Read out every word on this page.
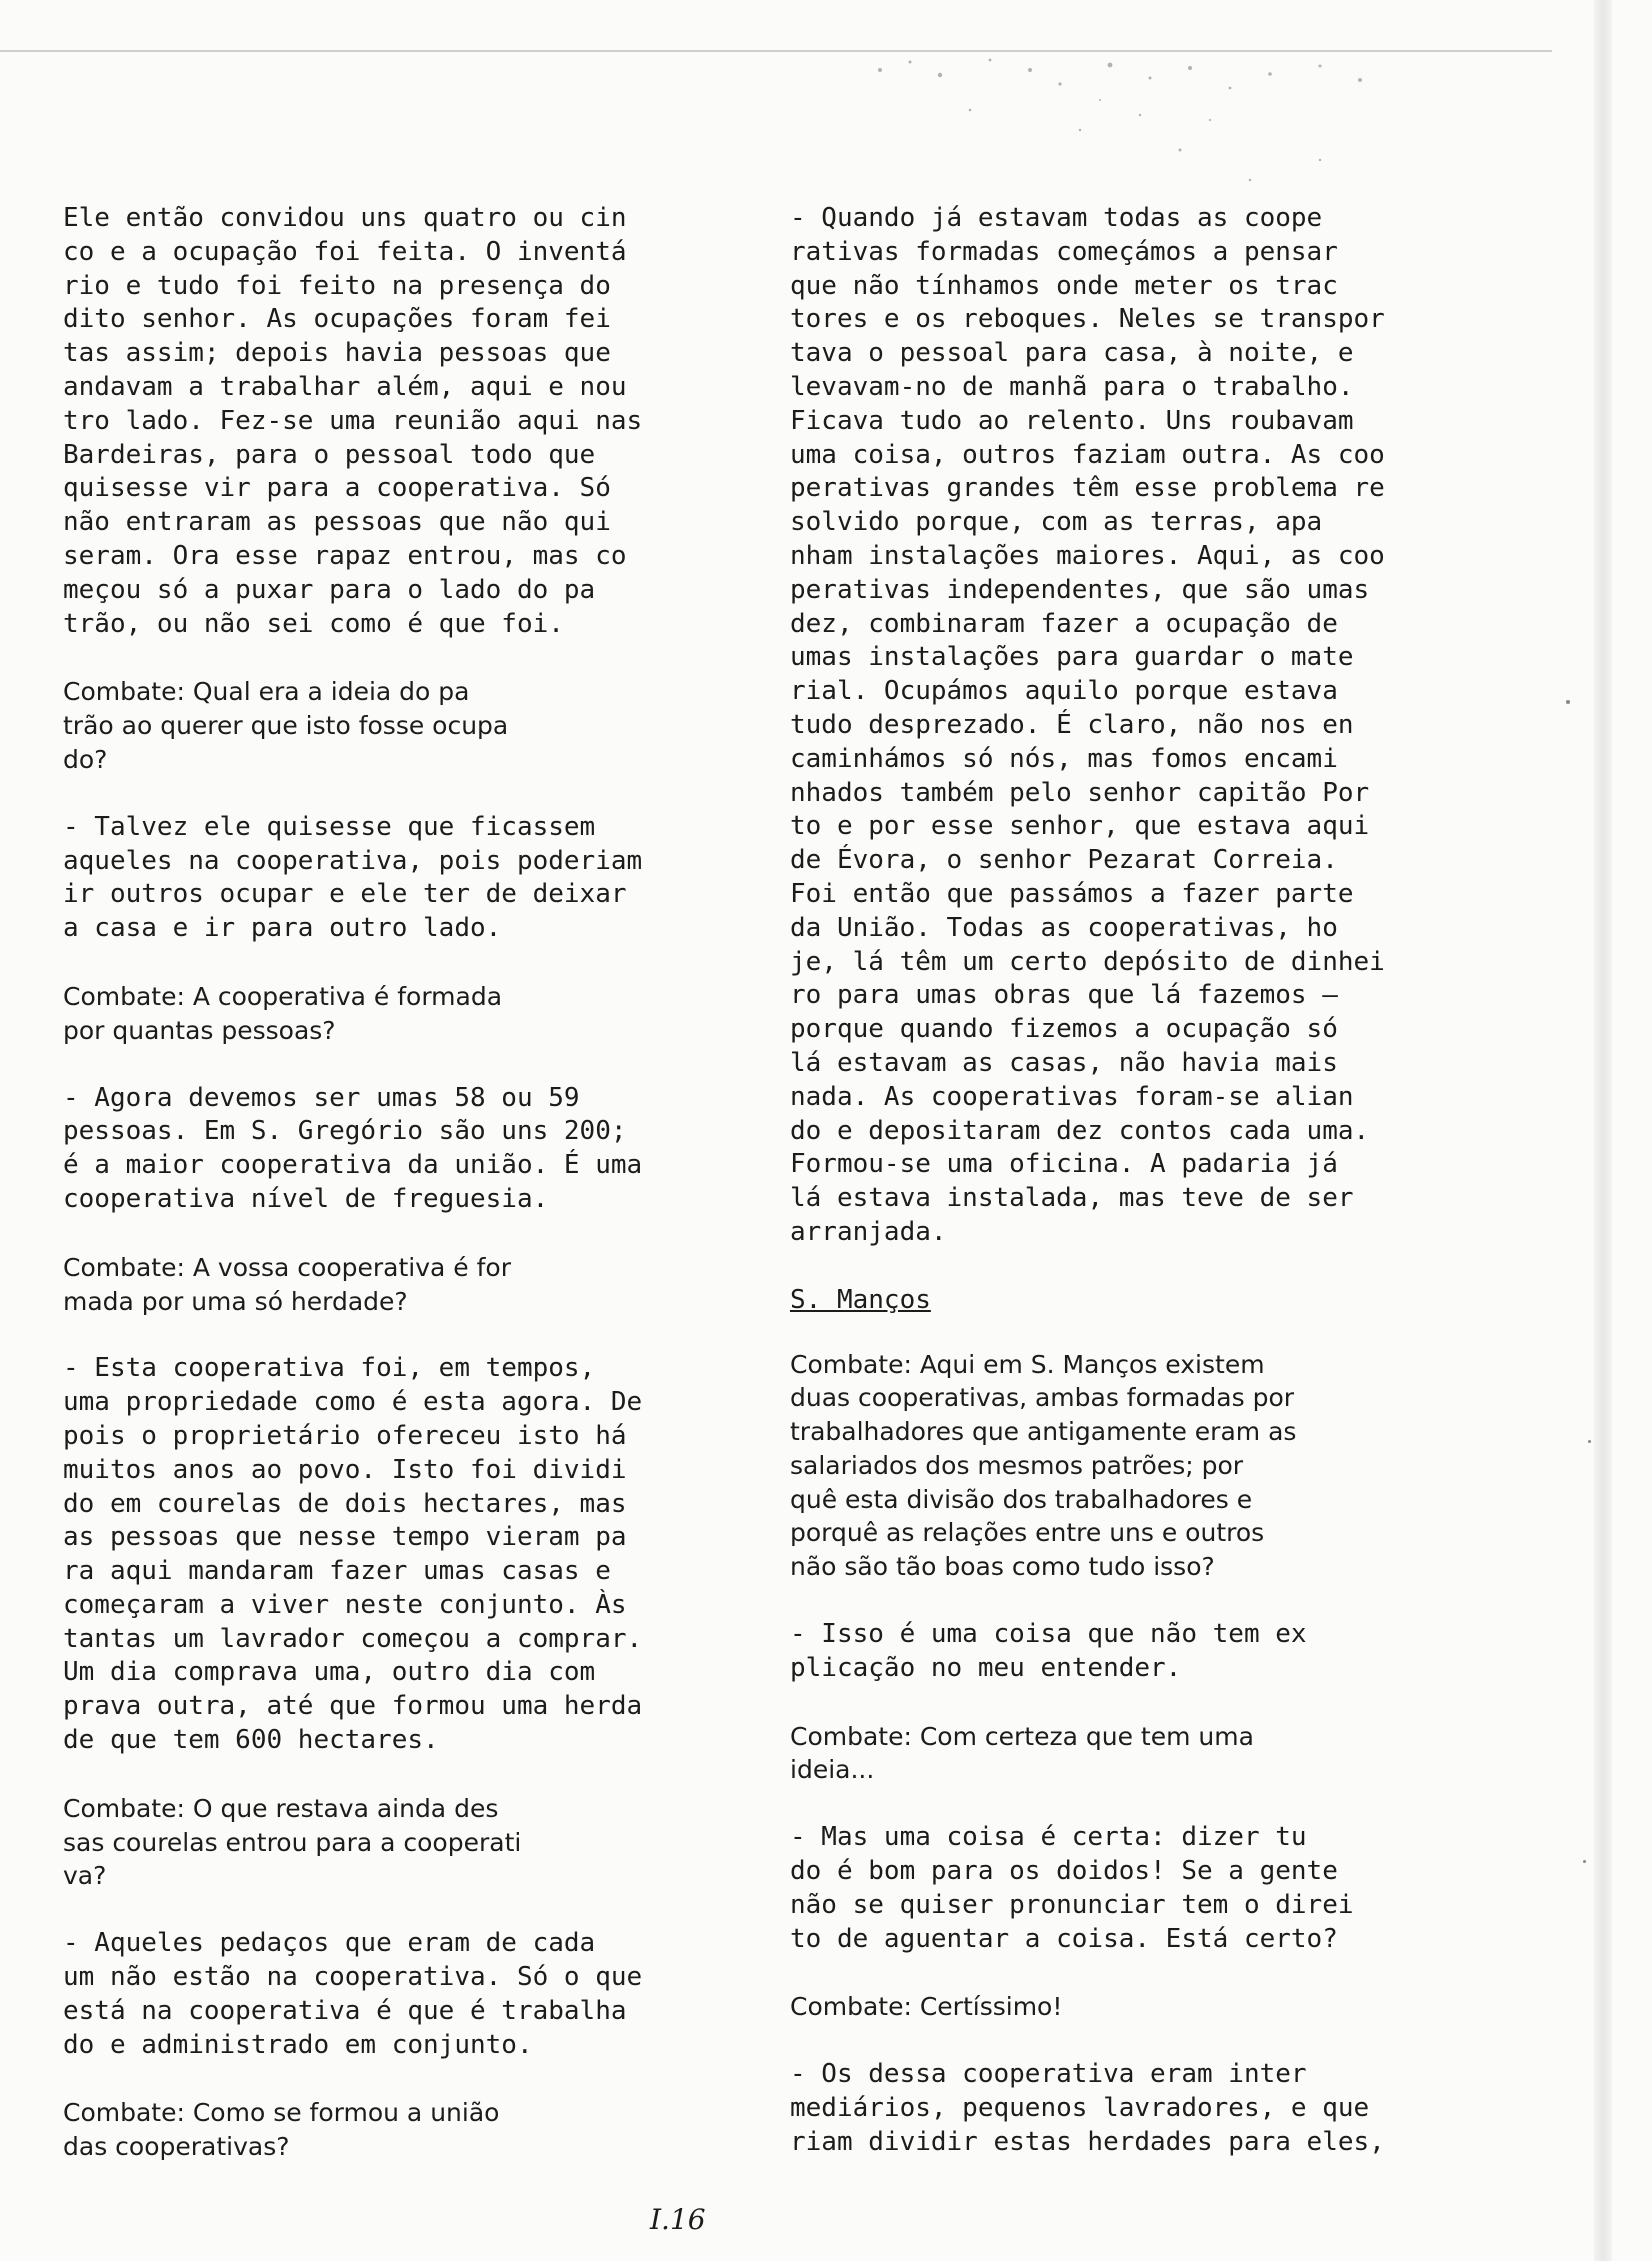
Ele então convidou uns quatro ou cin
co e a ocupação foi feita. O inventá
rio e tudo foi feito na presença do
dito senhor. As ocupações foram fei
tas assim; depois havia pessoas que
andavam a trabalhar além, aqui e nou
tro lado. Fez-se uma reunião aqui nas
Bardeiras, para o pessoal todo que
quisesse vir para a cooperativa. Só
não entraram as pessoas que não qui
seram. Ora esse rapaz entrou, mas co
meçou só a puxar para o lado do pa
trão, ou não sei como é que foi.
Combate: Qual era a ideia do pa
trão ao querer que isto fosse ocupa
do?
- Talvez ele quisesse que ficassem
aqueles na cooperativa, pois poderiam
ir outros ocupar e ele ter de deixar
a casa e ir para outro lado.
Combate: A cooperativa é formada
por quantas pessoas?
- Agora devemos ser umas 58 ou 59
pessoas. Em S. Gregório são uns 200;
é a maior cooperativa da união. É uma
cooperativa nível de freguesia.
Combate: A vossa cooperativa é for
mada por uma só herdade?
- Esta cooperativa foi, em tempos,
uma propriedade como é esta agora. De
pois o proprietário ofereceu isto há
muitos anos ao povo. Isto foi dividi
do em courelas de dois hectares, mas
as pessoas que nesse tempo vieram pa
ra aqui mandaram fazer umas casas e
começaram a viver neste conjunto. Às
tantas um lavrador começou a comprar.
Um dia comprava uma, outro dia com
prava outra, até que formou uma herda
de que tem 600 hectares.
Combate: O que restava ainda des
sas courelas entrou para a cooperati
va?
- Aqueles pedaços que eram de cada
um não estão na cooperativa. Só o que
está na cooperativa é que é trabalha
do e administrado em conjunto.
Combate: Como se formou a união
das cooperativas?
- Quando já estavam todas as coope
rativas formadas começámos a pensar
que não tínhamos onde meter os trac
tores e os reboques. Neles se transpor
tava o pessoal para casa, à noite, e
levavam-no de manhã para o trabalho.
Ficava tudo ao relento. Uns roubavam
uma coisa, outros faziam outra. As coo
perativas grandes têm esse problema re
solvido porque, com as terras, apa
nham instalações maiores. Aqui, as coo
perativas independentes, que são umas
dez, combinaram fazer a ocupação de
umas instalações para guardar o mate
rial. Ocupámos aquilo porque estava
tudo desprezado. É claro, não nos en
caminhámos só nós, mas fomos encami
nhados também pelo senhor capitão Por
to e por esse senhor, que estava aqui
de Évora, o senhor Pezarat Correia.
Foi então que passámos a fazer parte
da União. Todas as cooperativas, ho
je, lá têm um certo depósito de dinhei
ro para umas obras que lá fazemos —
porque quando fizemos a ocupação só
lá estavam as casas, não havia mais
nada. As cooperativas foram-se alian
do e depositaram dez contos cada uma.
Formou-se uma oficina. A padaria já
lá estava instalada, mas teve de ser
arranjada.
S. Manços
Combate: Aqui em S. Manços existem
duas cooperativas, ambas formadas por
trabalhadores que antigamente eram as
salariados dos mesmos patrões; por
quê esta divisão dos trabalhadores e
porquê as relações entre uns e outros
não são tão boas como tudo isso?
- Isso é uma coisa que não tem ex
plicação no meu entender.
Combate: Com certeza que tem uma
ideia...
- Mas uma coisa é certa: dizer tu
do é bom para os doidos! Se a gente
não se quiser pronunciar tem o direi
to de aguentar a coisa. Está certo?
Combate: Certíssimo!
- Os dessa cooperativa eram inter
mediários, pequenos lavradores, e que
riam dividir estas herdades para eles,
I.16
